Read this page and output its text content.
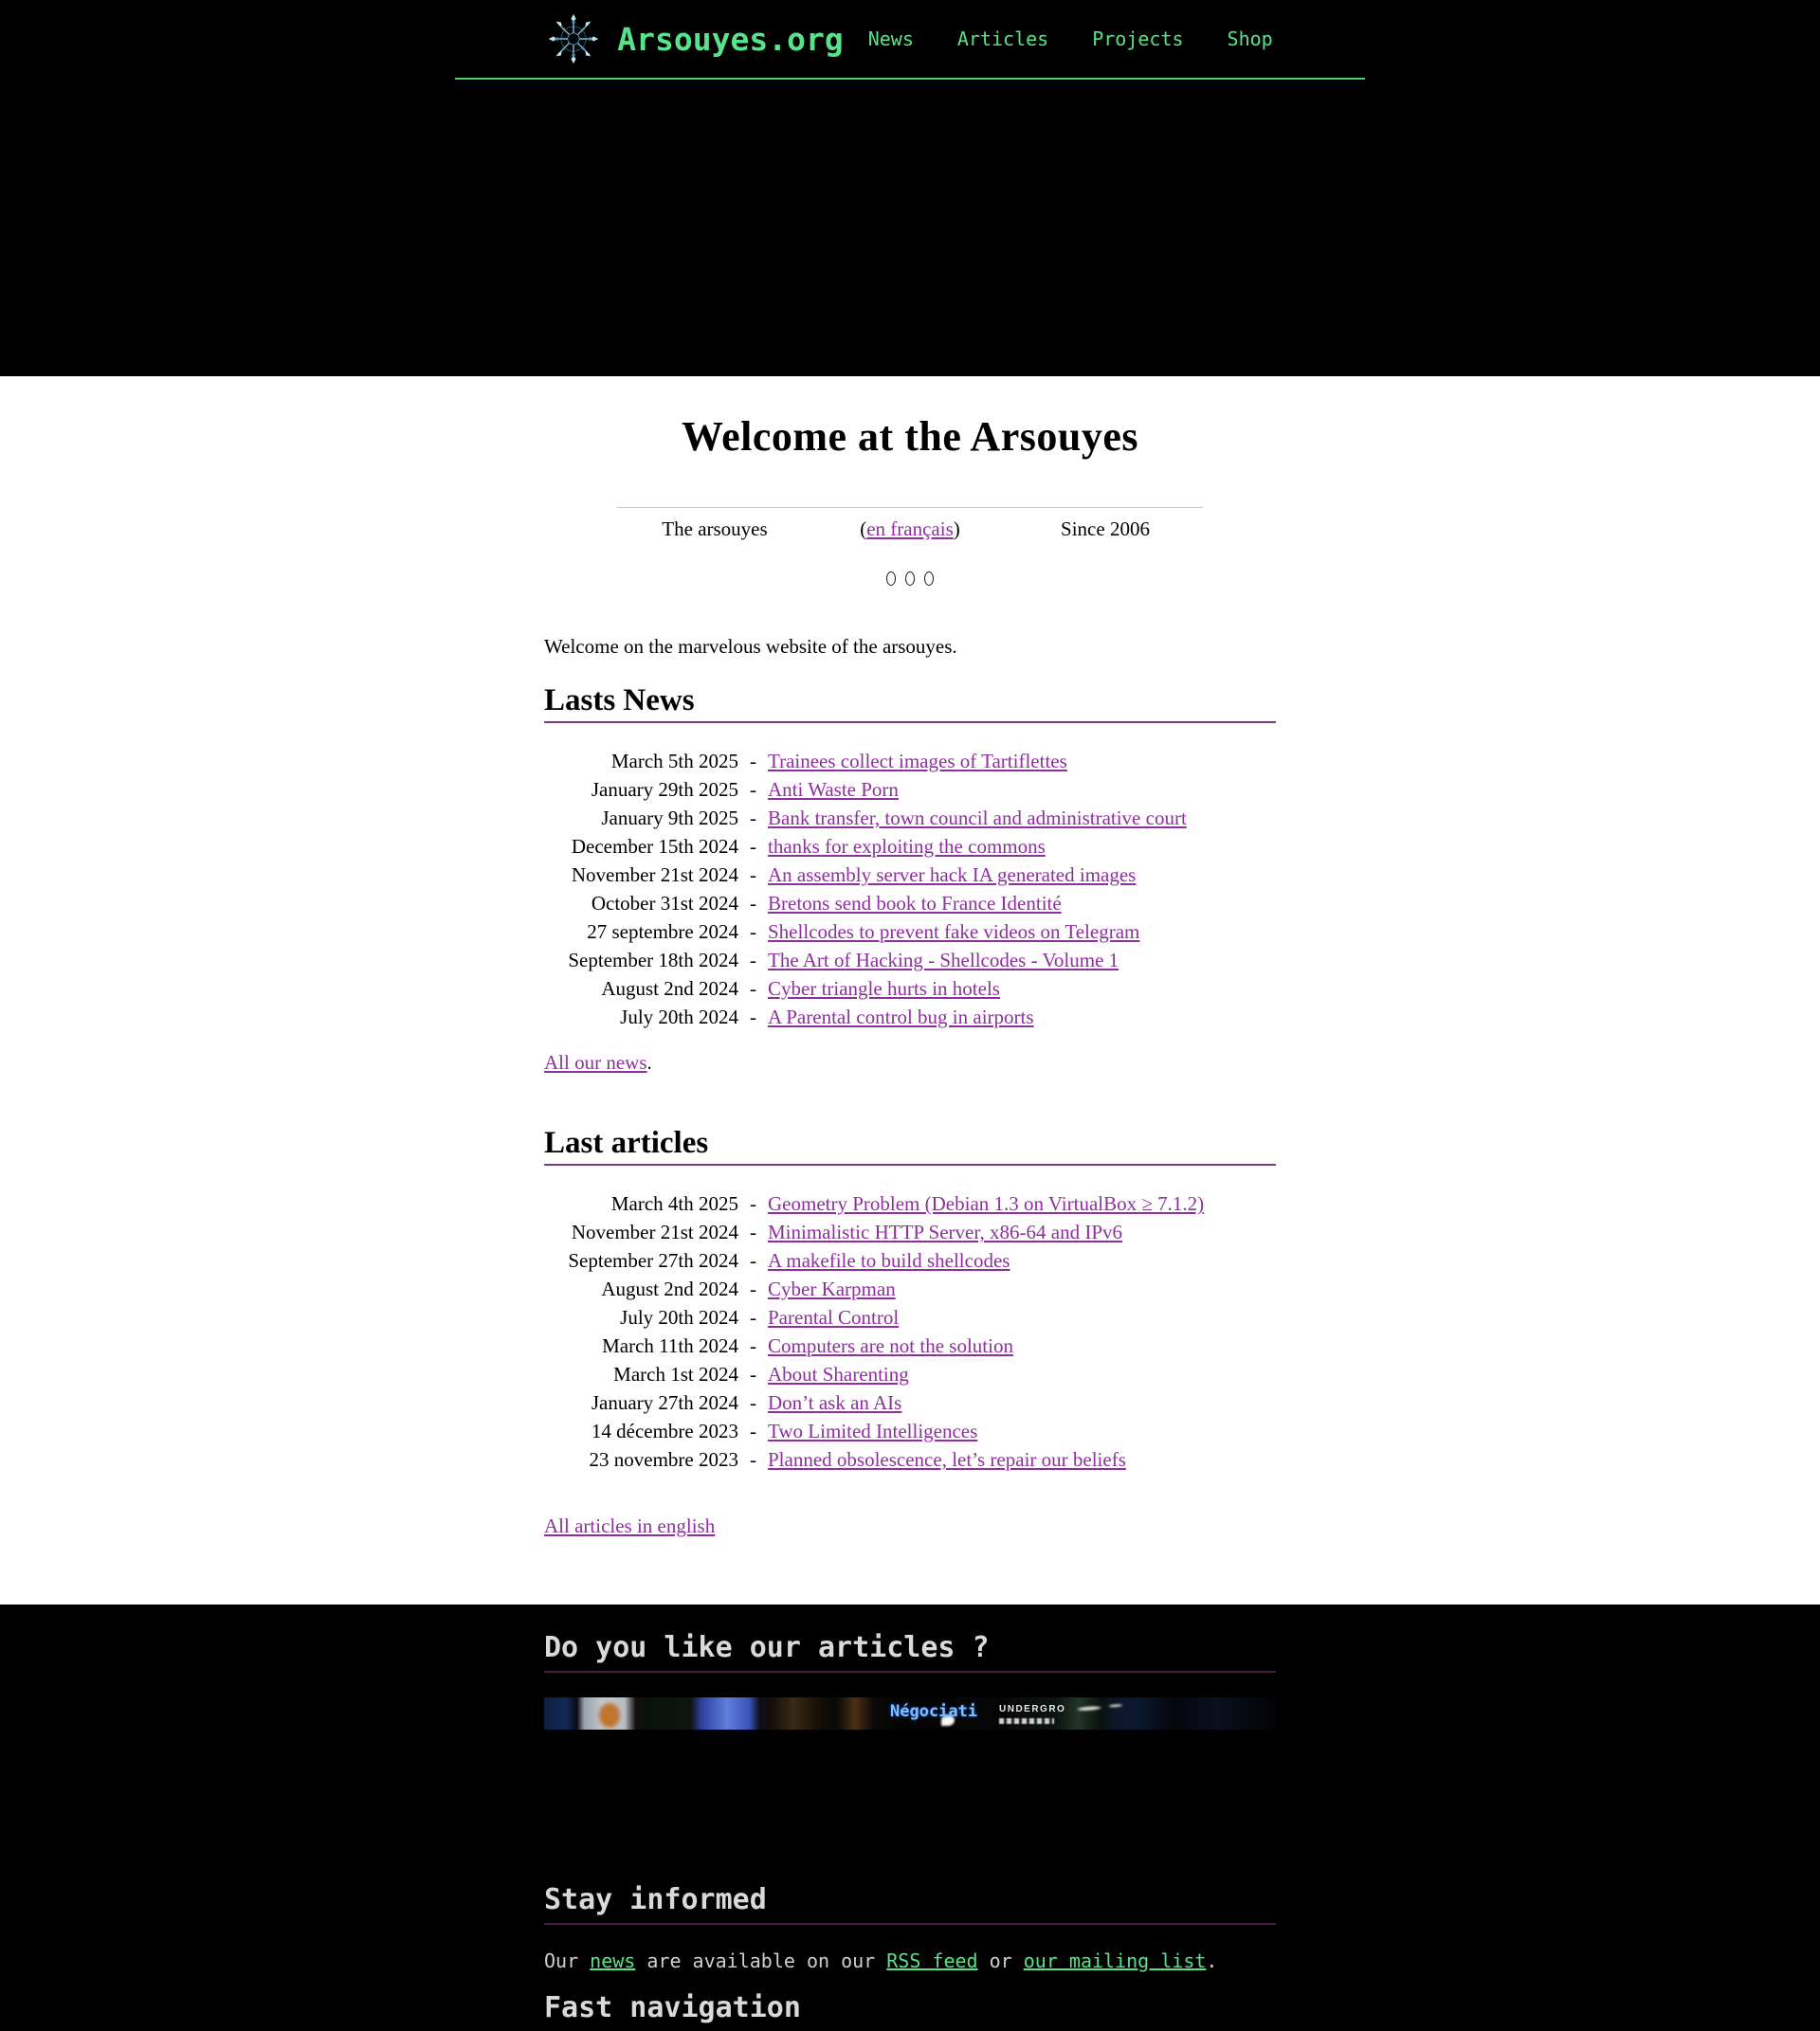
Arsouyes.org News Articles Projects Shop
Welcome at the Arsouyes
The arsouyes	(en français)	Since 2006

Welcome on the marvelous website of the arsouyes.

Lasts News
March 5th 2025 - Trainees collect images of Tartiflettes
January 29th 2025 - Anti Waste Porn
January 9th 2025 - Bank transfer, town council and administrative court
December 15th 2024 - thanks for exploiting the commons
November 21st 2024 - An assembly server hack IA generated images
October 31st 2024 - Bretons send book to France Identité
27 septembre 2024 - Shellcodes to prevent fake videos on Telegram
September 18th 2024 - The Art of Hacking - Shellcodes - Volume 1
August 2nd 2024 - Cyber triangle hurts in hotels
July 20th 2024 - A Parental control bug in airports

All our news.

Last articles
March 4th 2025 - Geometry Problem (Debian 1.3 on VirtualBox ≥ 7.1.2)
November 21st 2024 - Minimalistic HTTP Server, x86-64 and IPv6
September 27th 2024 - A makefile to build shellcodes
August 2nd 2024 - Cyber Karpman
July 20th 2024 - Parental Control
March 11th 2024 - Computers are not the solution
March 1st 2024 - About Sharenting
January 27th 2024 - Don’t ask an AIs
14 décembre 2023 - Two Limited Intelligences
23 novembre 2023 - Planned obsolescence, let’s repair our beliefs

All articles in english

Do you like our articles ?
Négociati UNDERGRO
Stay informed

Our news are available on our RSS feed or our mailing list.

Fast navigation
